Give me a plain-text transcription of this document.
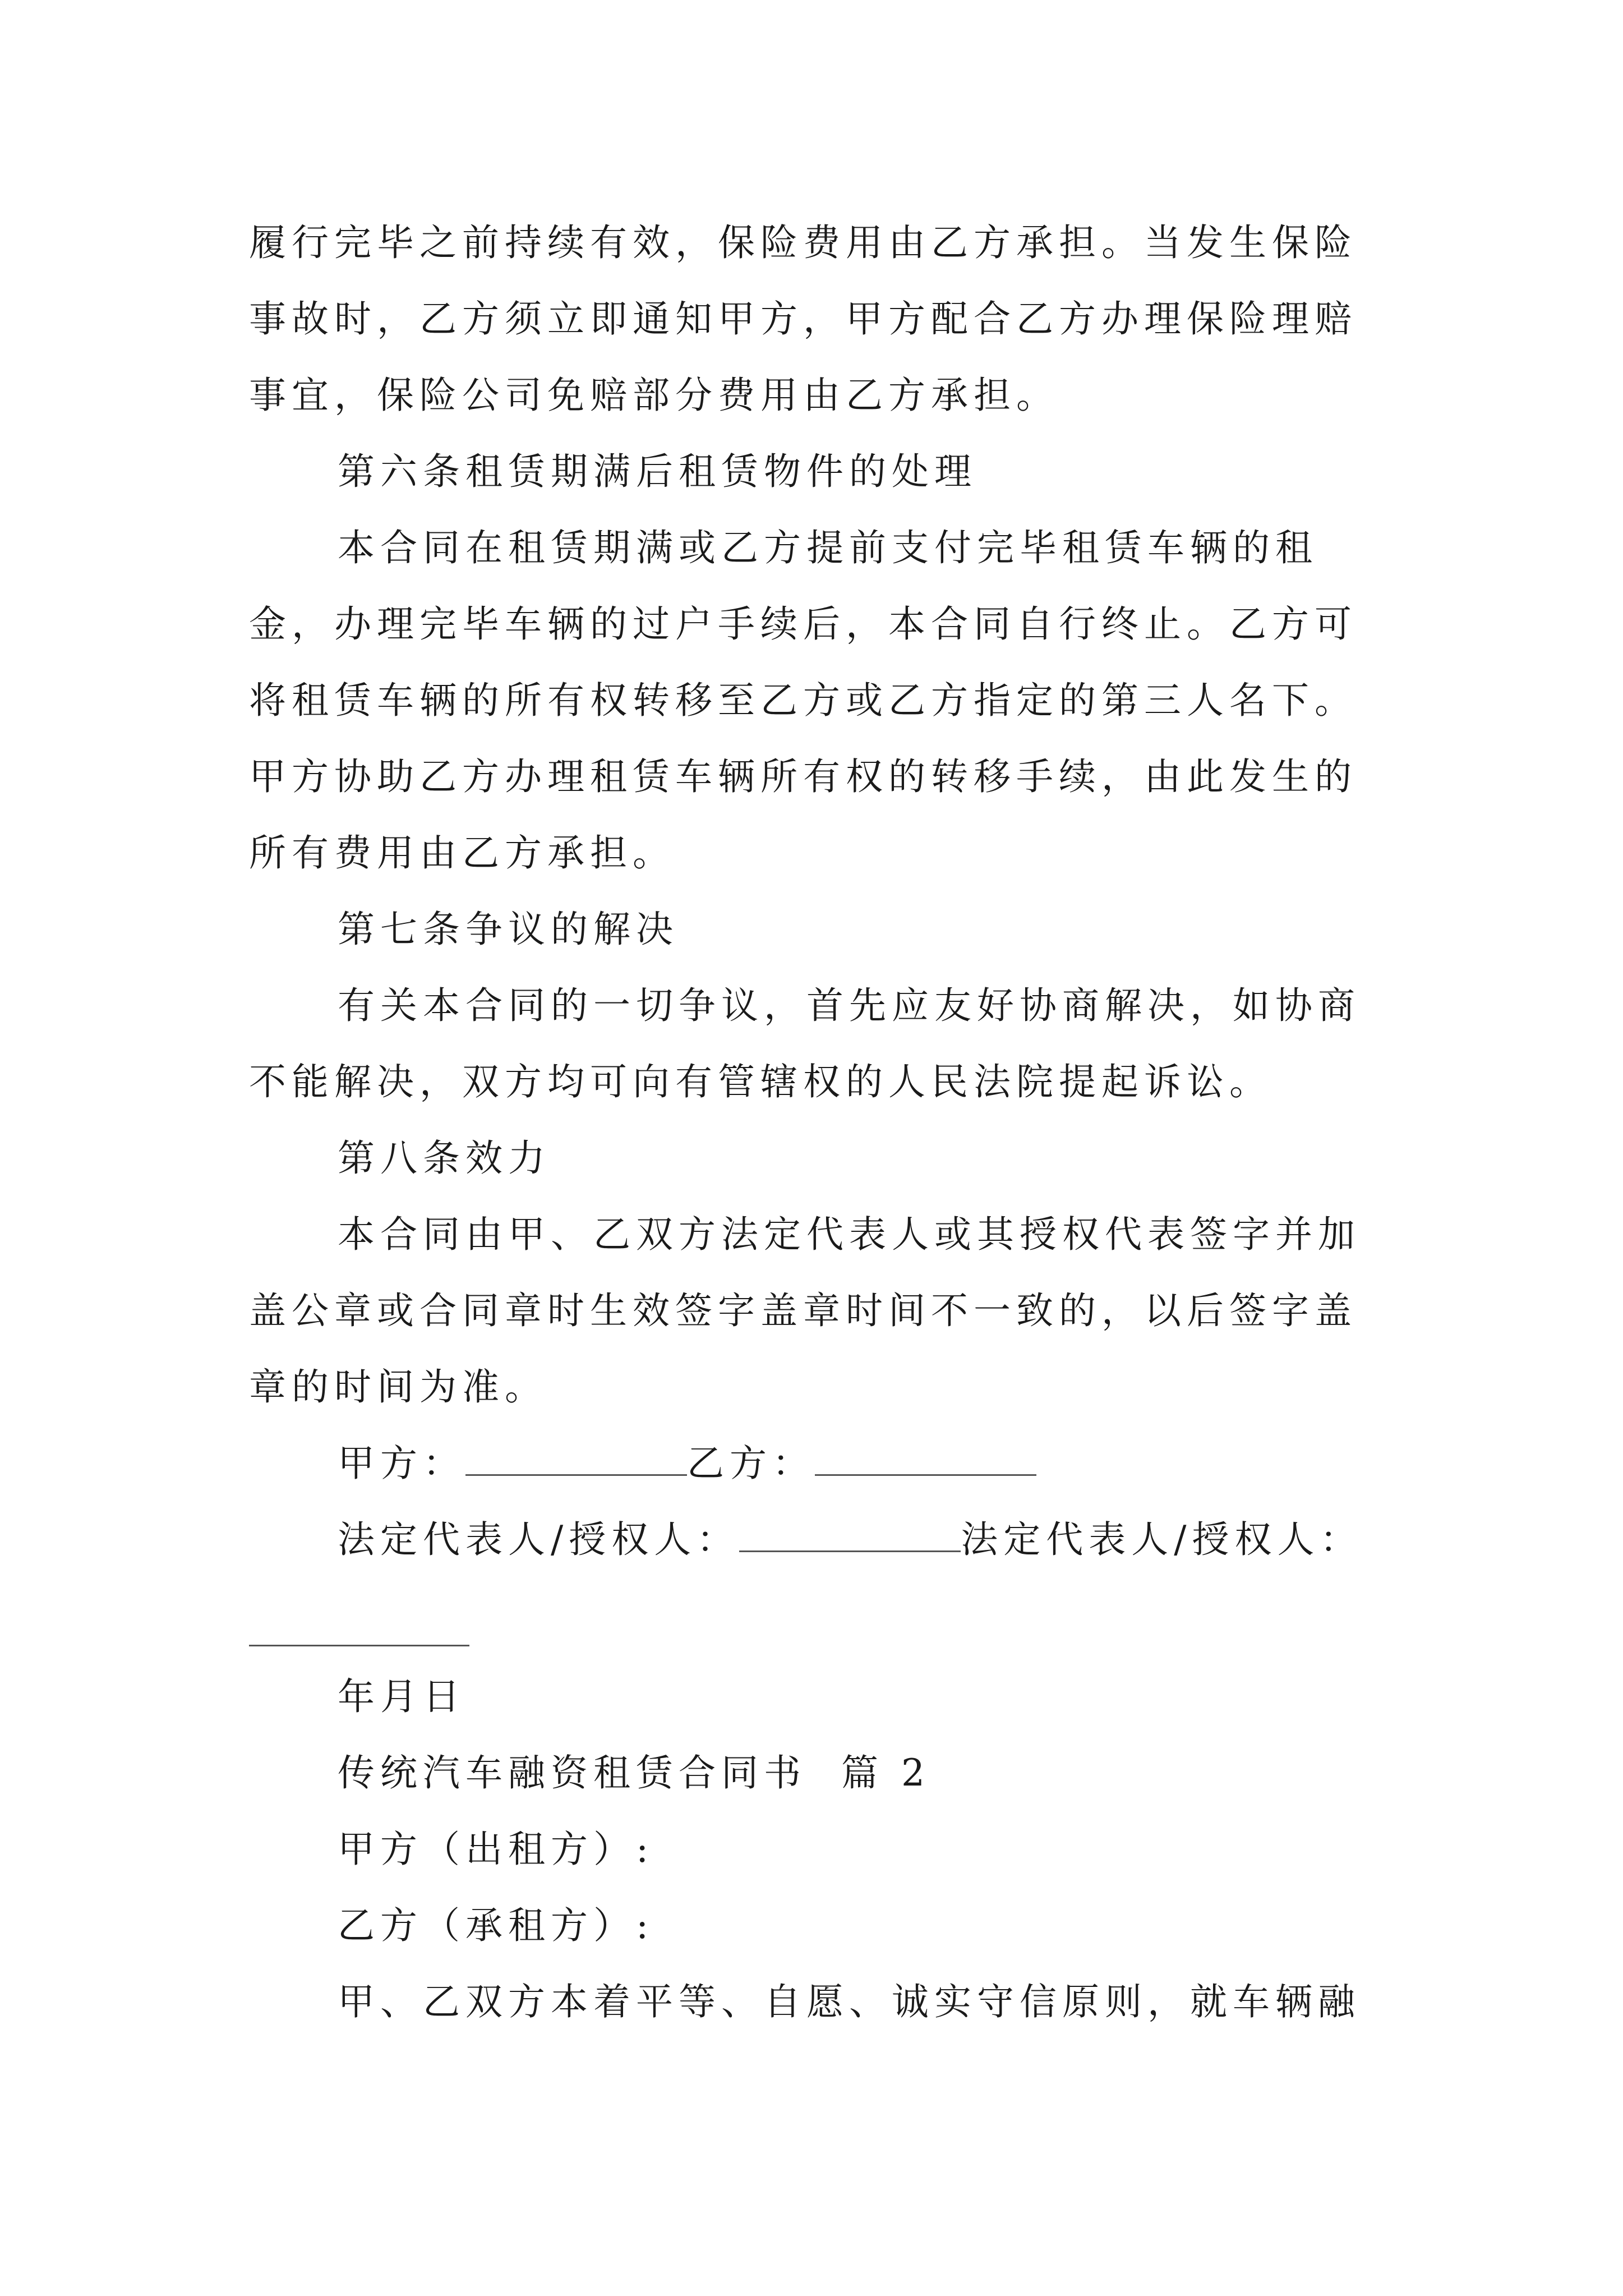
履行完毕之前持续有效，保险费用由乙方承担。当发生保险
事故时，乙方须立即通知甲方，甲方配合乙方办理保险理赔
事宜，保险公司免赔部分费用由乙方承担。
第六条租赁期满后租赁物件的处理
本合同在租赁期满或乙方提前支付完毕租赁车辆的租
金，办理完毕车辆的过户手续后，本合同自行终止。乙方可
将租赁车辆的所有权转移至乙方或乙方指定的第三人名下。
甲方协助乙方办理租赁车辆所有权的转移手续，由此发生的
所有费用由乙方承担。
第七条争议的解决
有关本合同的一切争议，首先应友好协商解决，如协商
不能解决，双方均可向有管辖权的人民法院提起诉讼。
第八条效力
本合同由甲、乙双方法定代表人或其授权代表签字并加
盖公章或合同章时生效签字盖章时间不一致的，以后签字盖
章的时间为准。
甲方：	乙方：
法定代表人/授权人：	法定代表人/授权人：
年月日
传统汽车融资租赁合同书  篇 2
甲方（出租方）:
乙方（承租方）:
甲、乙双方本着平等、自愿、诚实守信原则，就车辆融
